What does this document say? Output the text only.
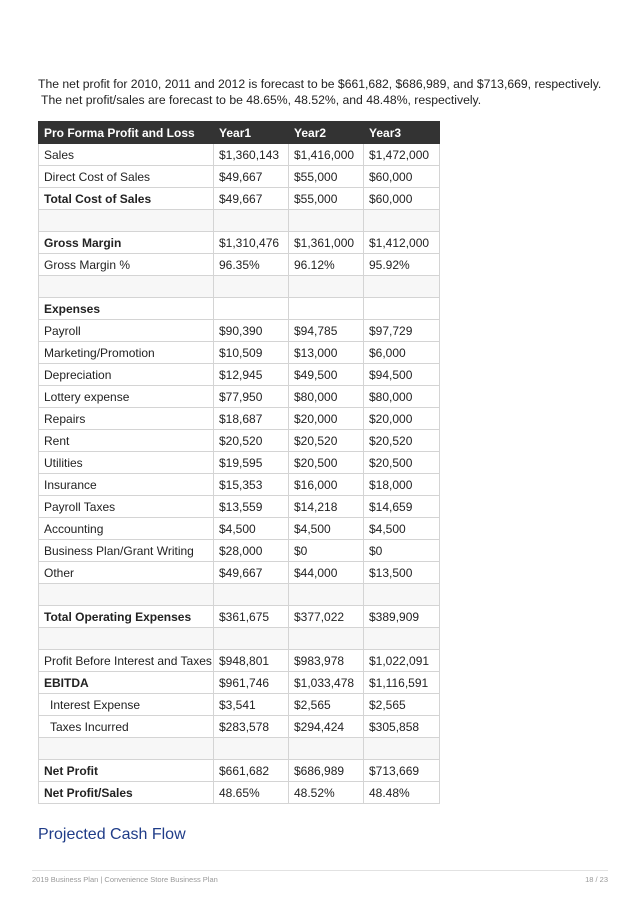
The net profit for 2010, 2011 and 2012 is forecast to be $661,682, $686,989, and $713,669, respectively.

The net profit/sales are forecast to be 48.65%, 48.52%, and 48.48%, respectively.

Pro Forma Profit and Loss	Year1	Year2	Year3
Sales	$1,360,143	$1,416,000	$1,472,000
Direct Cost of Sales	$49,667	$55,000	$60,000
Total Cost of Sales	$49,667	$55,000	$60,000

Gross Margin	$1,310,476	$1,361,000	$1,412,000
Gross Margin %	96.35%	96.12%	95.92%

Expenses			
Payroll	$90,390	$94,785	$97,729
Marketing/Promotion	$10,509	$13,000	$6,000
Depreciation	$12,945	$49,500	$94,500
Lottery expense	$77,950	$80,000	$80,000
Repairs	$18,687	$20,000	$20,000
Rent	$20,520	$20,520	$20,520
Utilities	$19,595	$20,500	$20,500
Insurance	$15,353	$16,000	$18,000
Payroll Taxes	$13,559	$14,218	$14,659
Accounting	$4,500	$4,500	$4,500
Business Plan/Grant Writing	$28,000	$0	$0
Other	$49,667	$44,000	$13,500

Total Operating Expenses	$361,675	$377,022	$389,909

Profit Before Interest and Taxes	$948,801	$983,978	$1,022,091
EBITDA	$961,746	$1,033,478	$1,116,591
Interest Expense	$3,541	$2,565	$2,565
Taxes Incurred	$283,578	$294,424	$305,858

Net Profit	$661,682	$686,989	$713,669
Net Profit/Sales	48.65%	48.52%	48.48%
Projected Cash Flow
2019 Business Plan | Convenience Store Business Plan	18 / 23
